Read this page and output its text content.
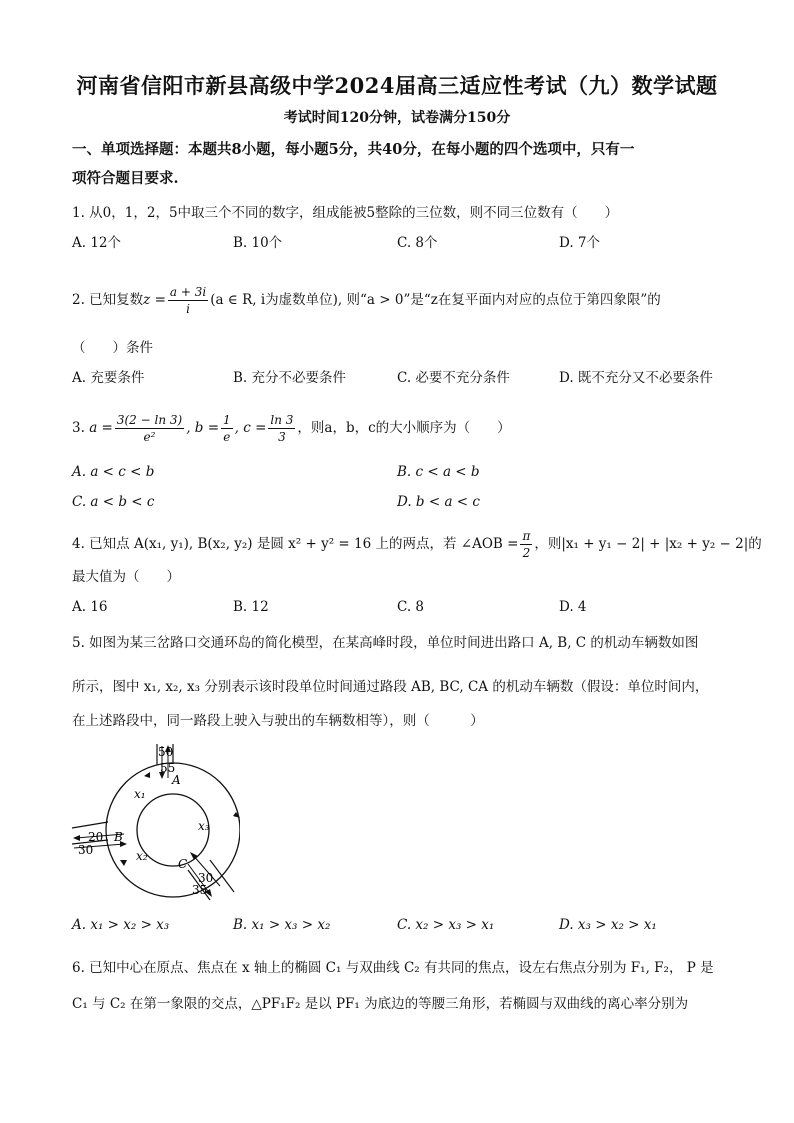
河南省信阳市新县高级中学2024届高三适应性考试（九）数学试题
考试时间120分钟，试卷满分150分
一、单项选择题：本题共8小题，每小题5分，共40分，在每小题的四个选项中，只有一
项符合题目要求.
1. 从0，1，2，5中取三个不同的数字，组成能被5整除的三位数，则不同三位数有（　　）
A. 12个	B. 10个	C. 8个	D. 7个
2. 已知复数$z = \frac{a + 3i}{i} (a$ ∈ R, i为虚数单位), 则“a > 0”是“z在复平面内对应的点位于第四象限”的
（　　）条件
A. 充要条件	B. 充分不必要条件	C. 必要不充分条件	D. 既不充分又不必要条件
3. $a = \frac{3(2 - \ln 3)}{\text{e²}}$ , $b = \frac{1}{e}$ , $c = \frac{\ln 3}{3}$ ，则a，b，c的大小顺序为（　　）
A. a < c < b	B. c < a < b
C. a < b < c	D. b < a < c
4. 已知点 A(x₁, y₁), B(x₂, y₂) 是圆 x² + y² = 16 上的两点，若 ∠AOB = $\frac{\pi}{2}$ ，则|x₁ + y₁ − 2| + |x₂ + y₂ − 2|的
最大值为（　　）
A. 16	B. 12	C. 8	D. 4
5. 如图为某三岔路口交通环岛的简化模型，在某高峰时段，单位时间进出路口 A, B, C 的机动车辆数如图
所示，图中 x₁, x₂, x₃ 分别表示该时段单位时间通过路段 AB, BC, CA 的机动车辆数（假设：单位时间内，
在上述路段中，同一路段上驶入与驶出的车辆数相等），则（　　　）
50
55
A
x₁
x₃
20 B
30	x₂
C
30
35
A. x₁ > x₂ > x₃	B. x₁ > x₃ > x₂	C. x₂ > x₃ > x₁	D. x₃ > x₂ > x₁
6. 已知中心在原点、焦点在 x 轴上的椭圆 C₁ 与双曲线 C₂ 有共同的焦点，设左右焦点分别为 F₁, F₂， P 是
C₁ 与 C₂ 在第一象限的交点，△PF₁F₂ 是以 PF₁ 为底边的等腰三角形，若椭圆与双曲线的离心率分别为
